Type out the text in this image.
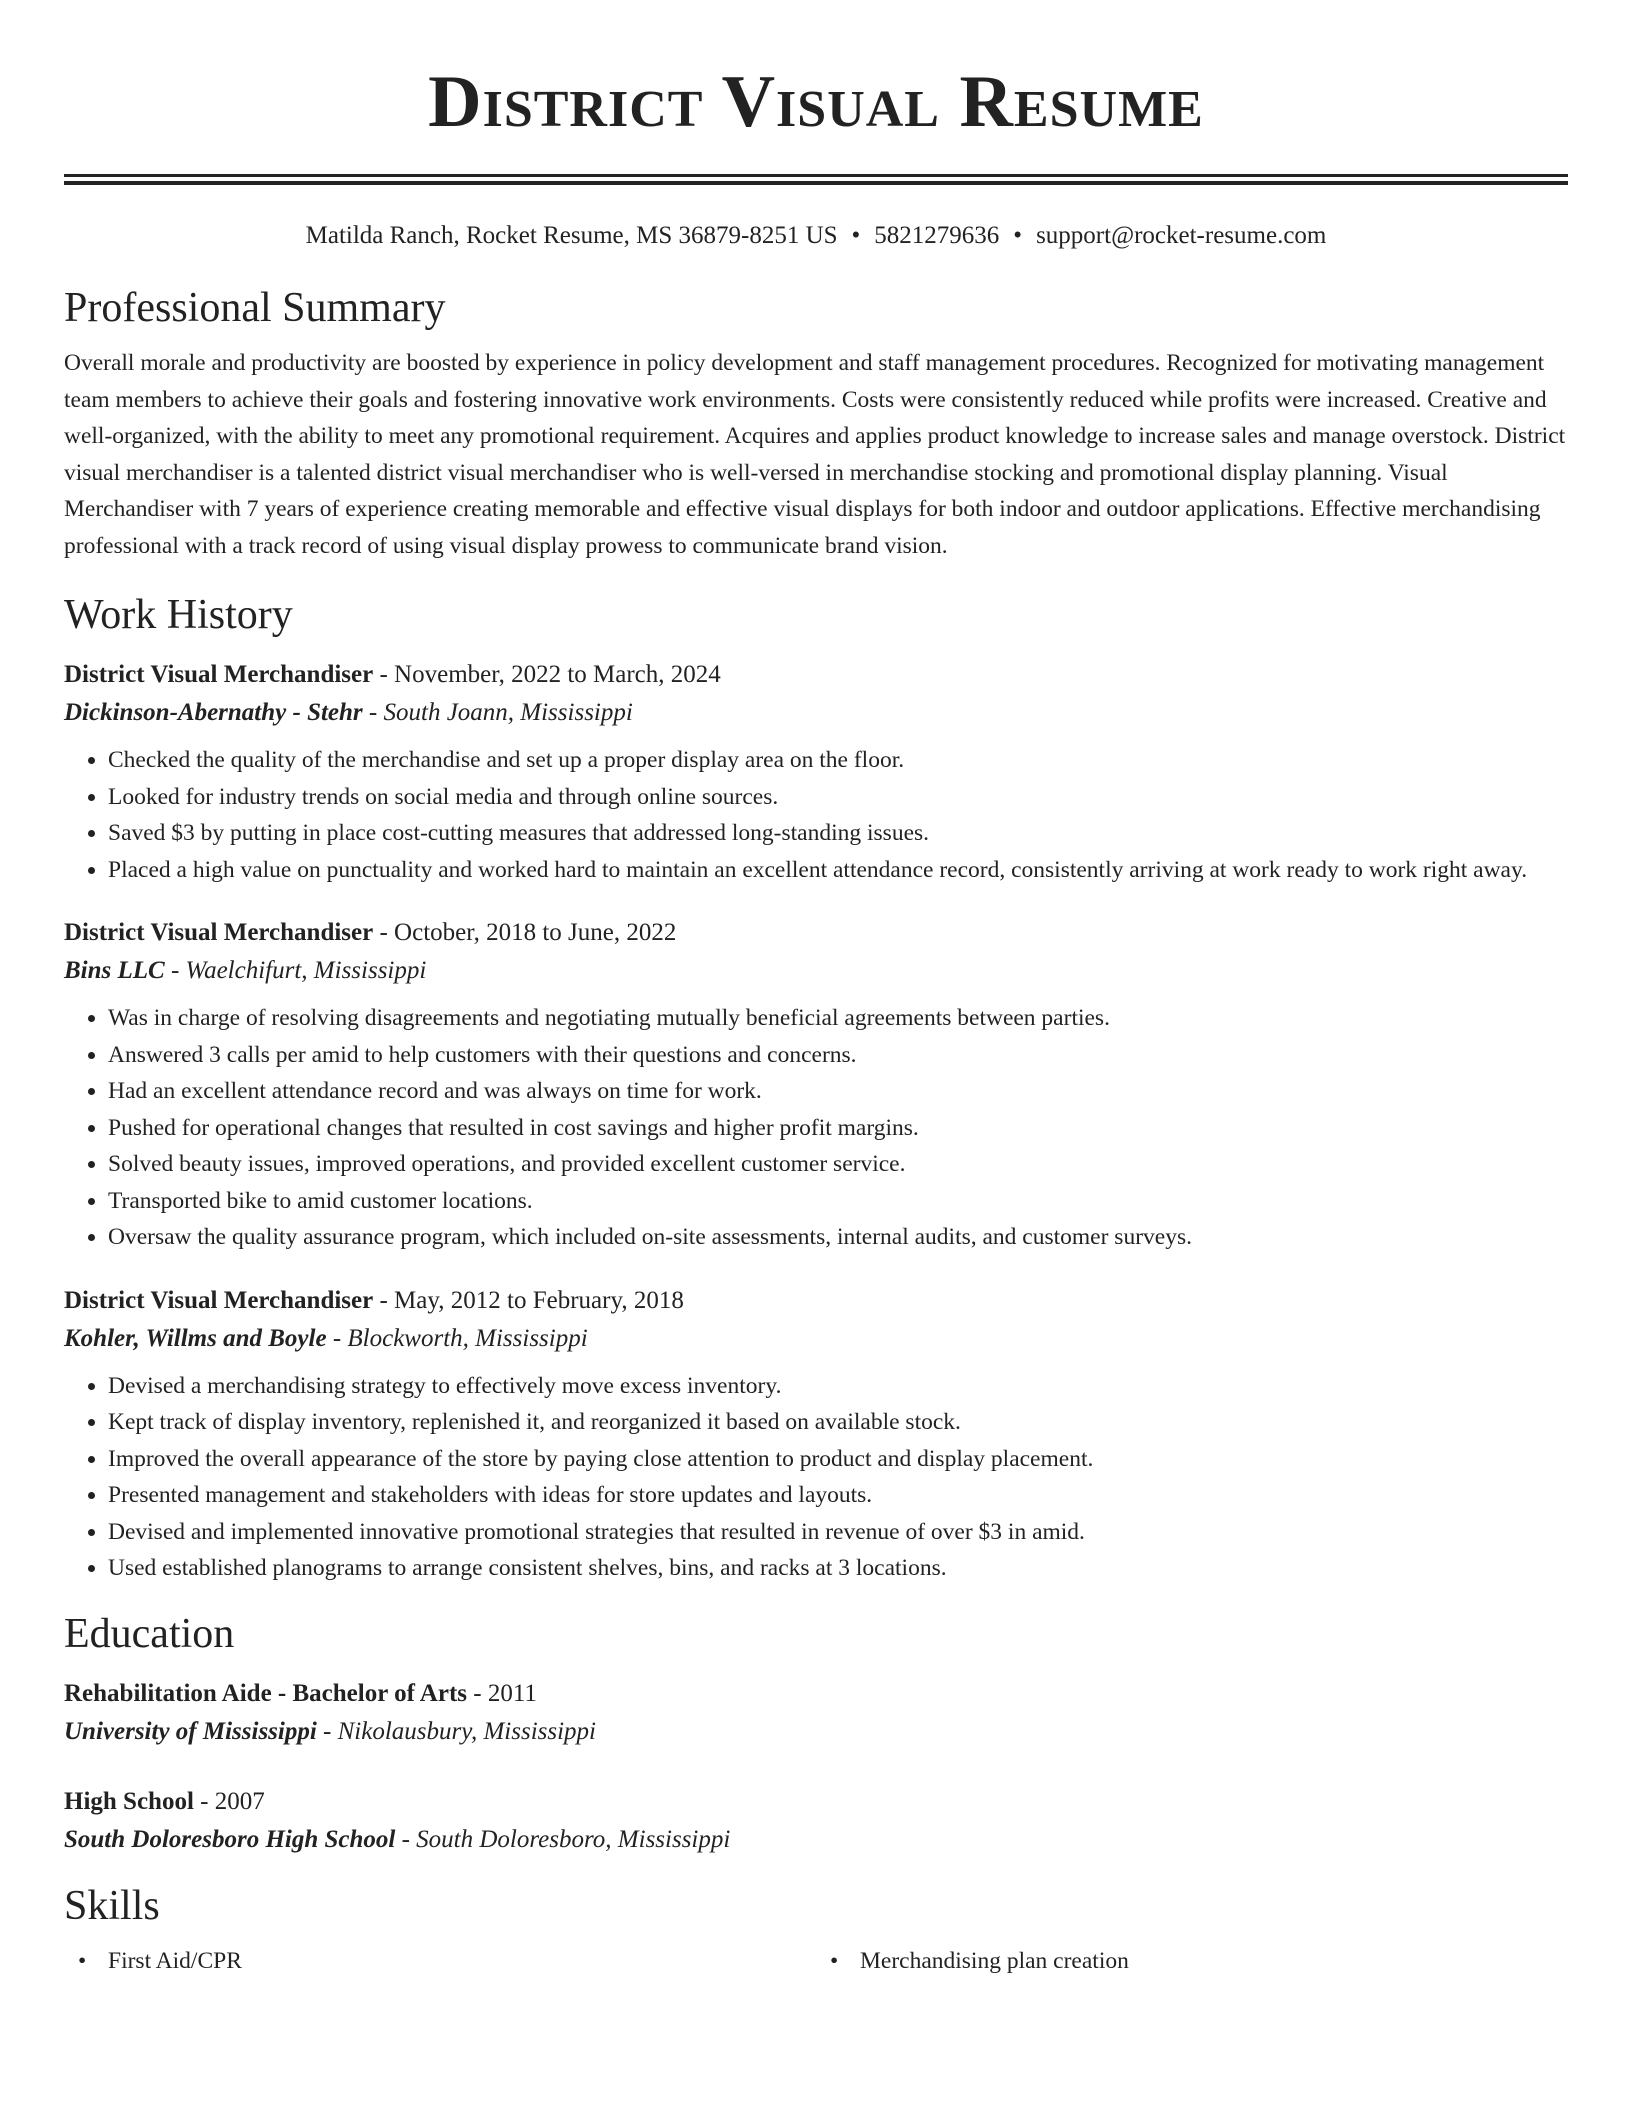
District Visual Resume
Matilda Ranch, Rocket Resume, MS 36879-8251 US • 5821279636 • support@rocket-resume.com
Professional Summary

Overall morale and productivity are boosted by experience in policy development and staff management procedures. Recognized for motivating management team members to achieve their goals and fostering innovative work environments. Costs were consistently reduced while profits were increased. Creative and well-organized, with the ability to meet any promotional requirement. Acquires and applies product knowledge to increase sales and manage overstock. District visual merchandiser is a talented district visual merchandiser who is well-versed in merchandise stocking and promotional display planning. Visual Merchandiser with 7 years of experience creating memorable and effective visual displays for both indoor and outdoor applications. Effective merchandising professional with a track record of using visual display prowess to communicate brand vision.

Work History
District Visual Merchandiser - November, 2022 to March, 2024
Dickinson-Abernathy - Stehr - South Joann, Mississippi
• Checked the quality of the merchandise and set up a proper display area on the floor.
• Looked for industry trends on social media and through online sources.
• Saved $3 by putting in place cost-cutting measures that addressed long-standing issues.
• Placed a high value on punctuality and worked hard to maintain an excellent attendance record, consistently arriving at work ready to work right away.
District Visual Merchandiser - October, 2018 to June, 2022
Bins LLC - Waelchifurt, Mississippi
• Was in charge of resolving disagreements and negotiating mutually beneficial agreements between parties.
• Answered 3 calls per amid to help customers with their questions and concerns.
• Had an excellent attendance record and was always on time for work.
• Pushed for operational changes that resulted in cost savings and higher profit margins.
• Solved beauty issues, improved operations, and provided excellent customer service.
• Transported bike to amid customer locations.
• Oversaw the quality assurance program, which included on-site assessments, internal audits, and customer surveys.
District Visual Merchandiser - May, 2012 to February, 2018
Kohler, Willms and Boyle - Blockworth, Mississippi
• Devised a merchandising strategy to effectively move excess inventory.
• Kept track of display inventory, replenished it, and reorganized it based on available stock.
• Improved the overall appearance of the store by paying close attention to product and display placement.
• Presented management and stakeholders with ideas for store updates and layouts.
• Devised and implemented innovative promotional strategies that resulted in revenue of over $3 in amid.
• Used established planograms to arrange consistent shelves, bins, and racks at 3 locations.
Education
Rehabilitation Aide - Bachelor of Arts - 2011
University of Mississippi - Nikolausbury, Mississippi
High School - 2007
South Doloresboro High School - South Doloresboro, Mississippi
Skills
• First Aid/CPR
•	Merchandising plan creation
